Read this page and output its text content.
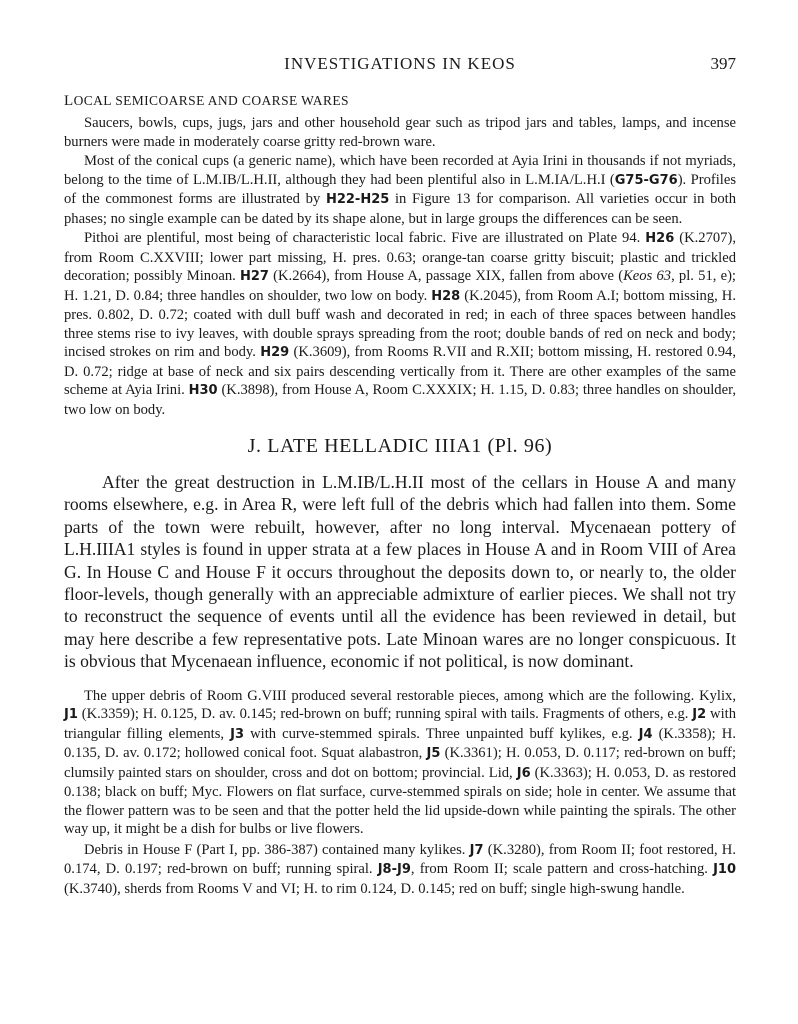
INVESTIGATIONS IN KEOS	397
LOCAL SEMICOARSE AND COARSE WARES

Saucers, bowls, cups, jugs, jars and other household gear such as tripod jars and tables, lamps, and incense burners were made in moderately coarse gritty red-brown ware.

Most of the conical cups (a generic name), which have been recorded at Ayia Irini in thousands if not myriads, belong to the time of L.M.IB/L.H.II, although they had been plentiful also in L.M.IA/L.H.I (G75-G76). Profiles of the commonest forms are illustrated by H22-H25 in Figure 13 for comparison. All varieties occur in both phases; no single example can be dated by its shape alone, but in large groups the differences can be seen.

Pithoi are plentiful, most being of characteristic local fabric. Five are illustrated on Plate 94. H26 (K.2707), from Room C.XXVIII; lower part missing, H. pres. 0.63; orange-tan coarse gritty biscuit; plastic and trickled decoration; possibly Minoan. H27 (K.2664), from House A, passage XIX, fallen from above (Keos 63, pl. 51, e); H. 1.21, D. 0.84; three handles on shoulder, two low on body. H28 (K.2045), from Room A.I; bottom missing, H. pres. 0.802, D. 0.72; coated with dull buff wash and decorated in red; in each of three spaces between handles three stems rise to ivy leaves, with double sprays spreading from the root; double bands of red on neck and body; incised strokes on rim and body. H29 (K.3609), from Rooms R.VII and R.XII; bottom missing, H. restored 0.94, D. 0.72; ridge at base of neck and six pairs descending vertically from it. There are other examples of the same scheme at Ayia Irini. H30 (K.3898), from House A, Room C.XXXIX; H. 1.15, D. 0.83; three handles on shoulder, two low on body.

J. LATE HELLADIC IIIA1 (Pl. 96)

After the great destruction in L.M.IB/L.H.II most of the cellars in House A and many rooms elsewhere, e.g. in Area R, were left full of the debris which had fallen into them. Some parts of the town were rebuilt, however, after no long interval. Mycenaean pottery of L.H.IIIA1 styles is found in upper strata at a few places in House A and in Room VIII of Area G. In House C and House F it occurs throughout the deposits down to, or nearly to, the older floor-levels, though generally with an appreciable admixture of earlier pieces. We shall not try to reconstruct the sequence of events until all the evidence has been reviewed in detail, but may here describe a few representative pots. Late Minoan wares are no longer conspicuous. It is obvious that Mycenaean influence, economic if not political, is now dominant.

The upper debris of Room G.VIII produced several restorable pieces, among which are the following. Kylix, J1 (K.3359); H. 0.125, D. av. 0.145; red-brown on buff; running spiral with tails. Fragments of others, e.g. J2 with triangular filling elements, J3 with curve-stemmed spirals. Three unpainted buff kylikes, e.g. J4 (K.3358); H. 0.135, D. av. 0.172; hollowed conical foot. Squat alabastron, J5 (K.3361); H. 0.053, D. 0.117; red-brown on buff; clumsily painted stars on shoulder, cross and dot on bottom; provincial. Lid, J6 (K.3363); H. 0.053, D. as restored 0.138; black on buff; Myc. Flowers on flat surface, curve-stemmed spirals on side; hole in center. We assume that the flower pattern was to be seen and that the potter held the lid upside-down while painting the spirals. The other way up, it might be a dish for bulbs or live flowers.

Debris in House F (Part I, pp. 386-387) contained many kylikes. J7 (K.3280), from Room II; foot restored, H. 0.174, D. 0.197; red-brown on buff; running spiral. J8-J9, from Room II; scale pattern and cross-hatching. J10 (K.3740), sherds from Rooms V and VI; H. to rim 0.124, D. 0.145; red on buff; single high-swung handle.
